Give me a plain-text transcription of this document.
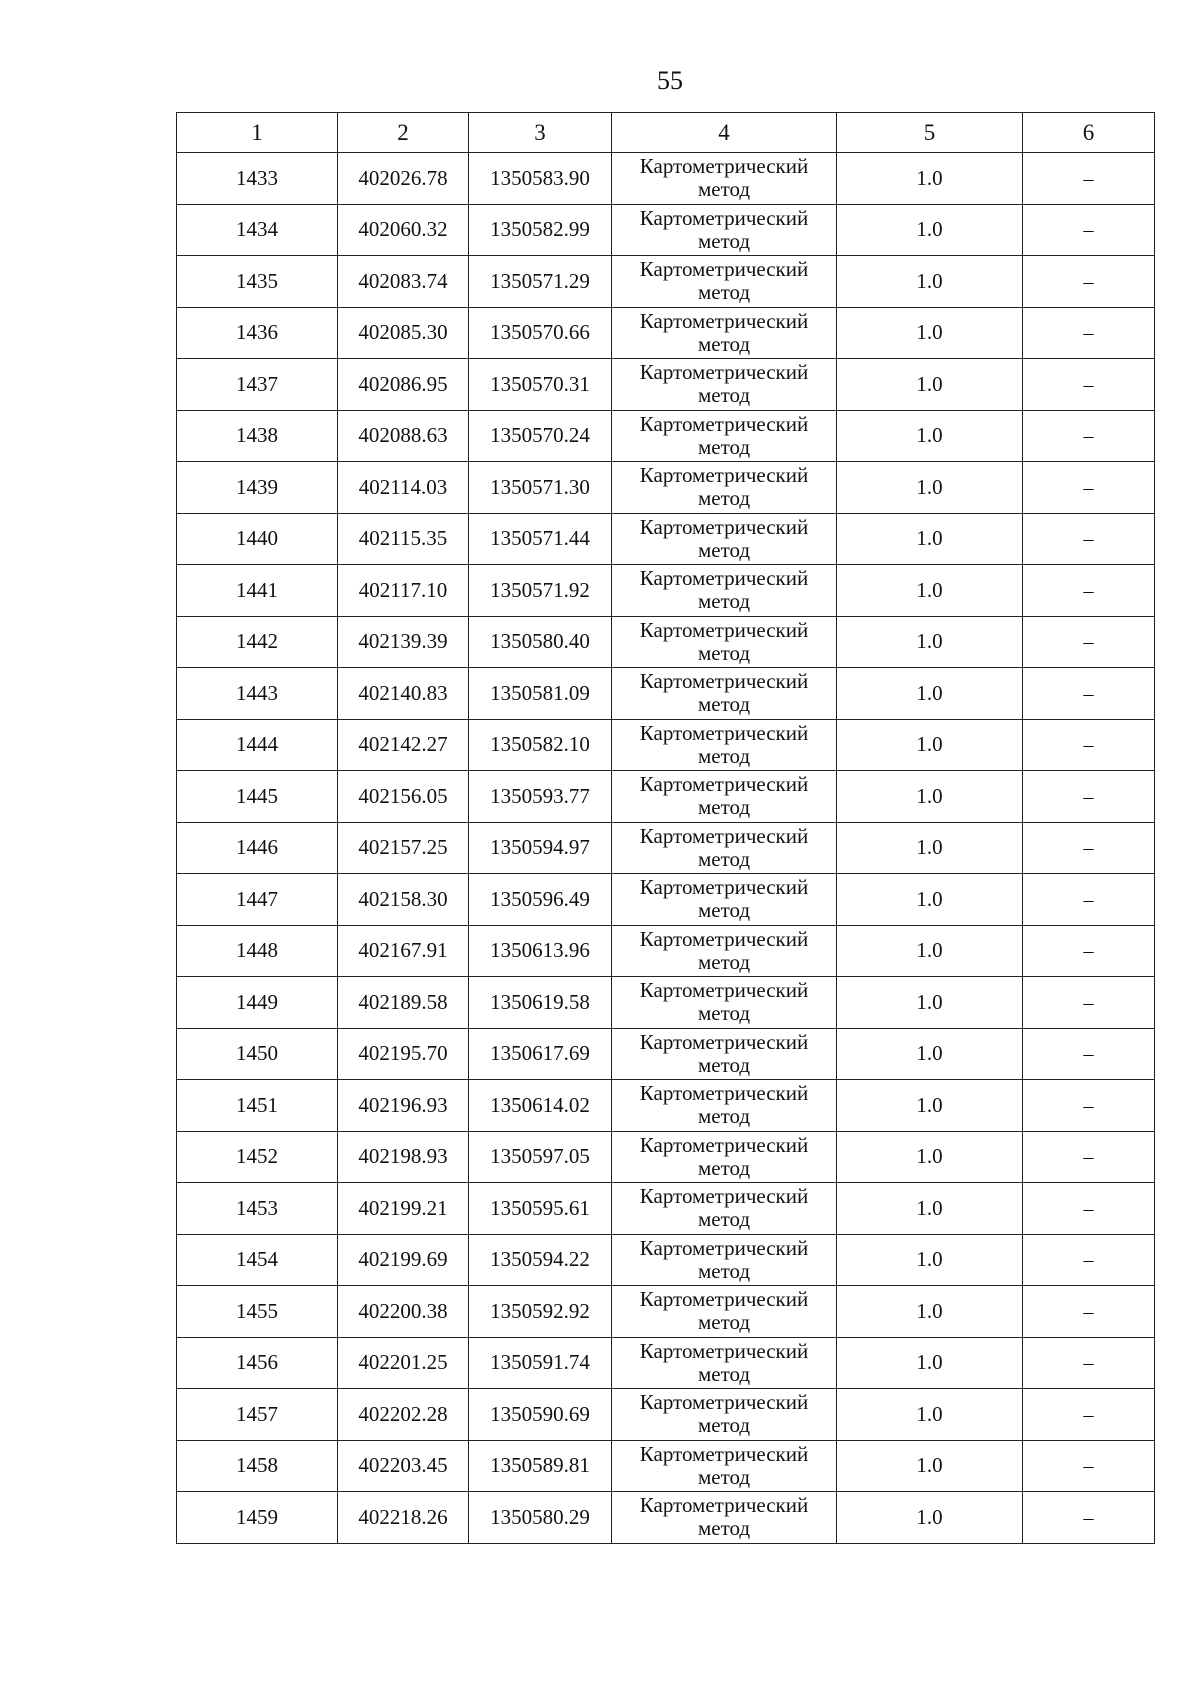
55
1	2	3	4	5	6
1433	402026.78	1350583.90	Картометрический метод	1.0	–
1434	402060.32	1350582.99	Картометрический метод	1.0	–
1435	402083.74	1350571.29	Картометрический метод	1.0	–
1436	402085.30	1350570.66	Картометрический метод	1.0	–
1437	402086.95	1350570.31	Картометрический метод	1.0	–
1438	402088.63	1350570.24	Картометрический метод	1.0	–
1439	402114.03	1350571.30	Картометрический метод	1.0	–
1440	402115.35	1350571.44	Картометрический метод	1.0	–
1441	402117.10	1350571.92	Картометрический метод	1.0	–
1442	402139.39	1350580.40	Картометрический метод	1.0	–
1443	402140.83	1350581.09	Картометрический метод	1.0	–
1444	402142.27	1350582.10	Картометрический метод	1.0	–
1445	402156.05	1350593.77	Картометрический метод	1.0	–
1446	402157.25	1350594.97	Картометрический метод	1.0	–
1447	402158.30	1350596.49	Картометрический метод	1.0	–
1448	402167.91	1350613.96	Картометрический метод	1.0	–
1449	402189.58	1350619.58	Картометрический метод	1.0	–
1450	402195.70	1350617.69	Картометрический метод	1.0	–
1451	402196.93	1350614.02	Картометрический метод	1.0	–
1452	402198.93	1350597.05	Картометрический метод	1.0	–
1453	402199.21	1350595.61	Картометрический метод	1.0	–
1454	402199.69	1350594.22	Картометрический метод	1.0	–
1455	402200.38	1350592.92	Картометрический метод	1.0	–
1456	402201.25	1350591.74	Картометрический метод	1.0	–
1457	402202.28	1350590.69	Картометрический метод	1.0	–
1458	402203.45	1350589.81	Картометрический метод	1.0	–
1459	402218.26	1350580.29	Картометрический метод	1.0	–
